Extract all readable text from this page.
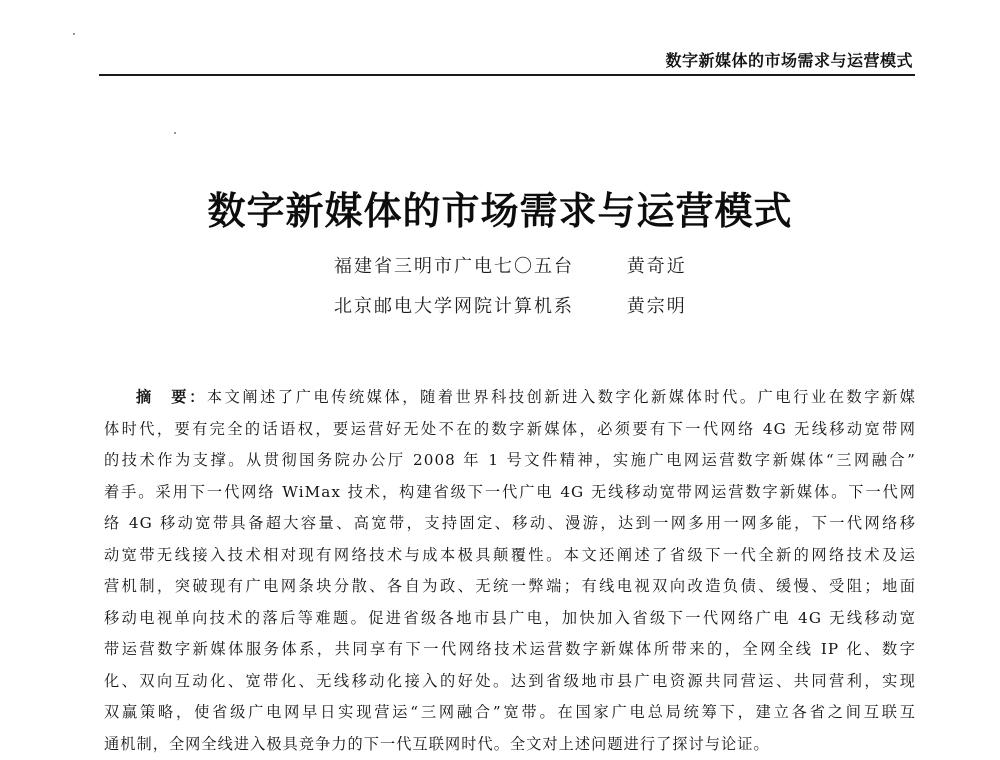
数字新媒体的市场需求与运营模式
数字新媒体的市场需求与运营模式
福建省三明市广电七〇五台	黄奇近
北京邮电大学网院计算机系	黄宗明
摘 要：本文阐述了广电传统媒体，随着世界科技创新进入数字化新媒体时代。广电行业在数字新媒
体时代，要有完全的话语权，要运营好无处不在的数字新媒体，必须要有下一代网络 4G 无线移动宽带网
的技术作为支撑。从贯彻国务院办公厅 2008 年 1 号文件精神，实施广电网运营数字新媒体“三网融合”
着手。采用下一代网络 WiMax 技术，构建省级下一代广电 4G 无线移动宽带网运营数字新媒体。下一代网
络 4G 移动宽带具备超大容量、高宽带，支持固定、移动、漫游，达到一网多用一网多能，下一代网络移
动宽带无线接入技术相对现有网络技术与成本极具颠覆性。本文还阐述了省级下一代全新的网络技术及运
营机制，突破现有广电网条块分散、各自为政、无统一弊端；有线电视双向改造负债、缓慢、受阻；地面
移动电视单向技术的落后等难题。促进省级各地市县广电，加快加入省级下一代网络广电 4G 无线移动宽
带运营数字新媒体服务体系，共同享有下一代网络技术运营数字新媒体所带来的，全网全线 IP 化、数字
化、双向互动化、宽带化、无线移动化接入的好处。达到省级地市县广电资源共同营运、共同营利，实现
双赢策略，使省级广电网早日实现营运“三网融合”宽带。在国家广电总局统筹下，建立各省之间互联互
通机制，全网全线进入极具竞争力的下一代互联网时代。全文对上述问题进行了探讨与论证。
